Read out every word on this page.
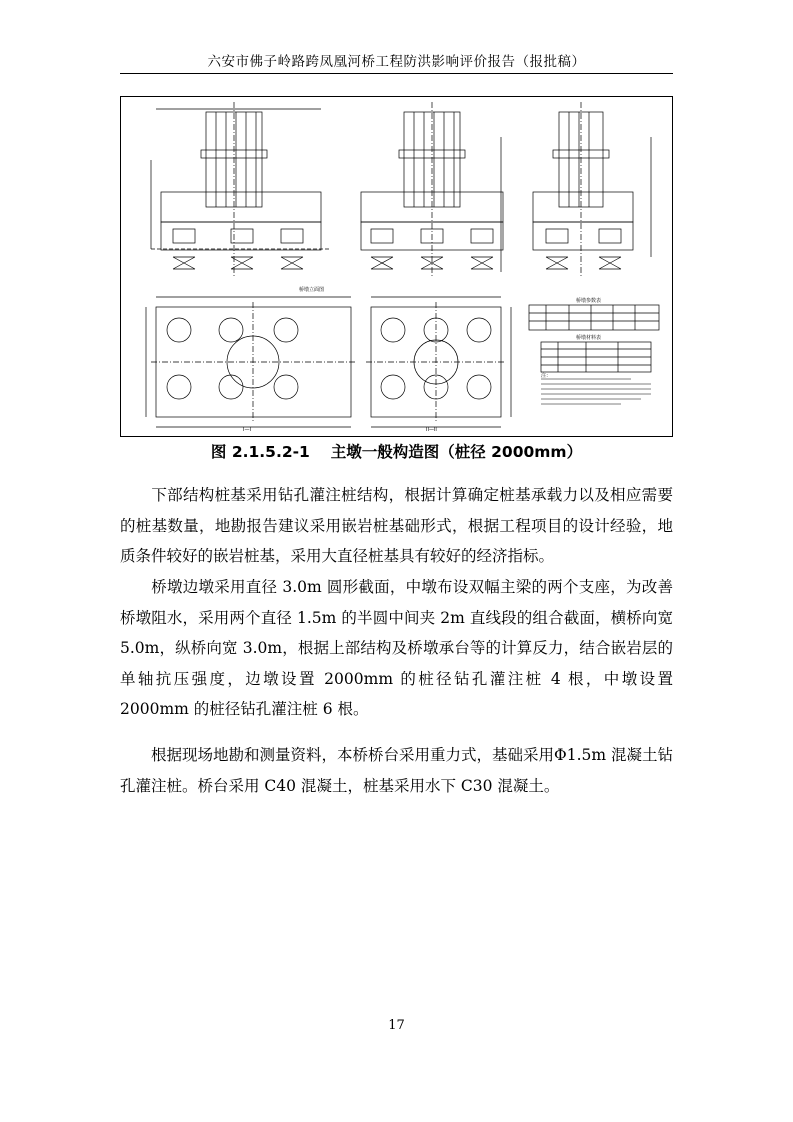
六安市佛子岭路跨凤凰河桥工程防洪影响评价报告（报批稿）
桥墩立面图
I—I	II—II
桥墩参数表
桥墩材料表
注：
图 2.1.5.2-1　 主墩一般构造图（桩径 2000mm）

下部结构桩基采用钻孔灌注桩结构，根据计算确定桩基承载力以及相应需要的桩基数量，地勘报告建议采用嵌岩桩基础形式，根据工程项目的设计经验，地质条件较好的嵌岩桩基，采用大直径桩基具有较好的经济指标。

桥墩边墩采用直径 3.0m 圆形截面，中墩布设双幅主梁的两个支座，为改善桥墩阻水，采用两个直径 1.5m 的半圆中间夹 2m 直线段的组合截面，横桥向宽 5.0m，纵桥向宽 3.0m，根据上部结构及桥墩承台等的计算反力，结合嵌岩层的单轴抗压强度，边墩设置 2000mm 的桩径钻孔灌注桩 4 根，中墩设置 2000mm 的桩径钻孔灌注桩 6 根。

根据现场地勘和测量资料，本桥桥台采用重力式，基础采用Φ1.5m 混凝土钻孔灌注桩。桥台采用 C40 混凝土，桩基采用水下 C30 混凝土。

17
